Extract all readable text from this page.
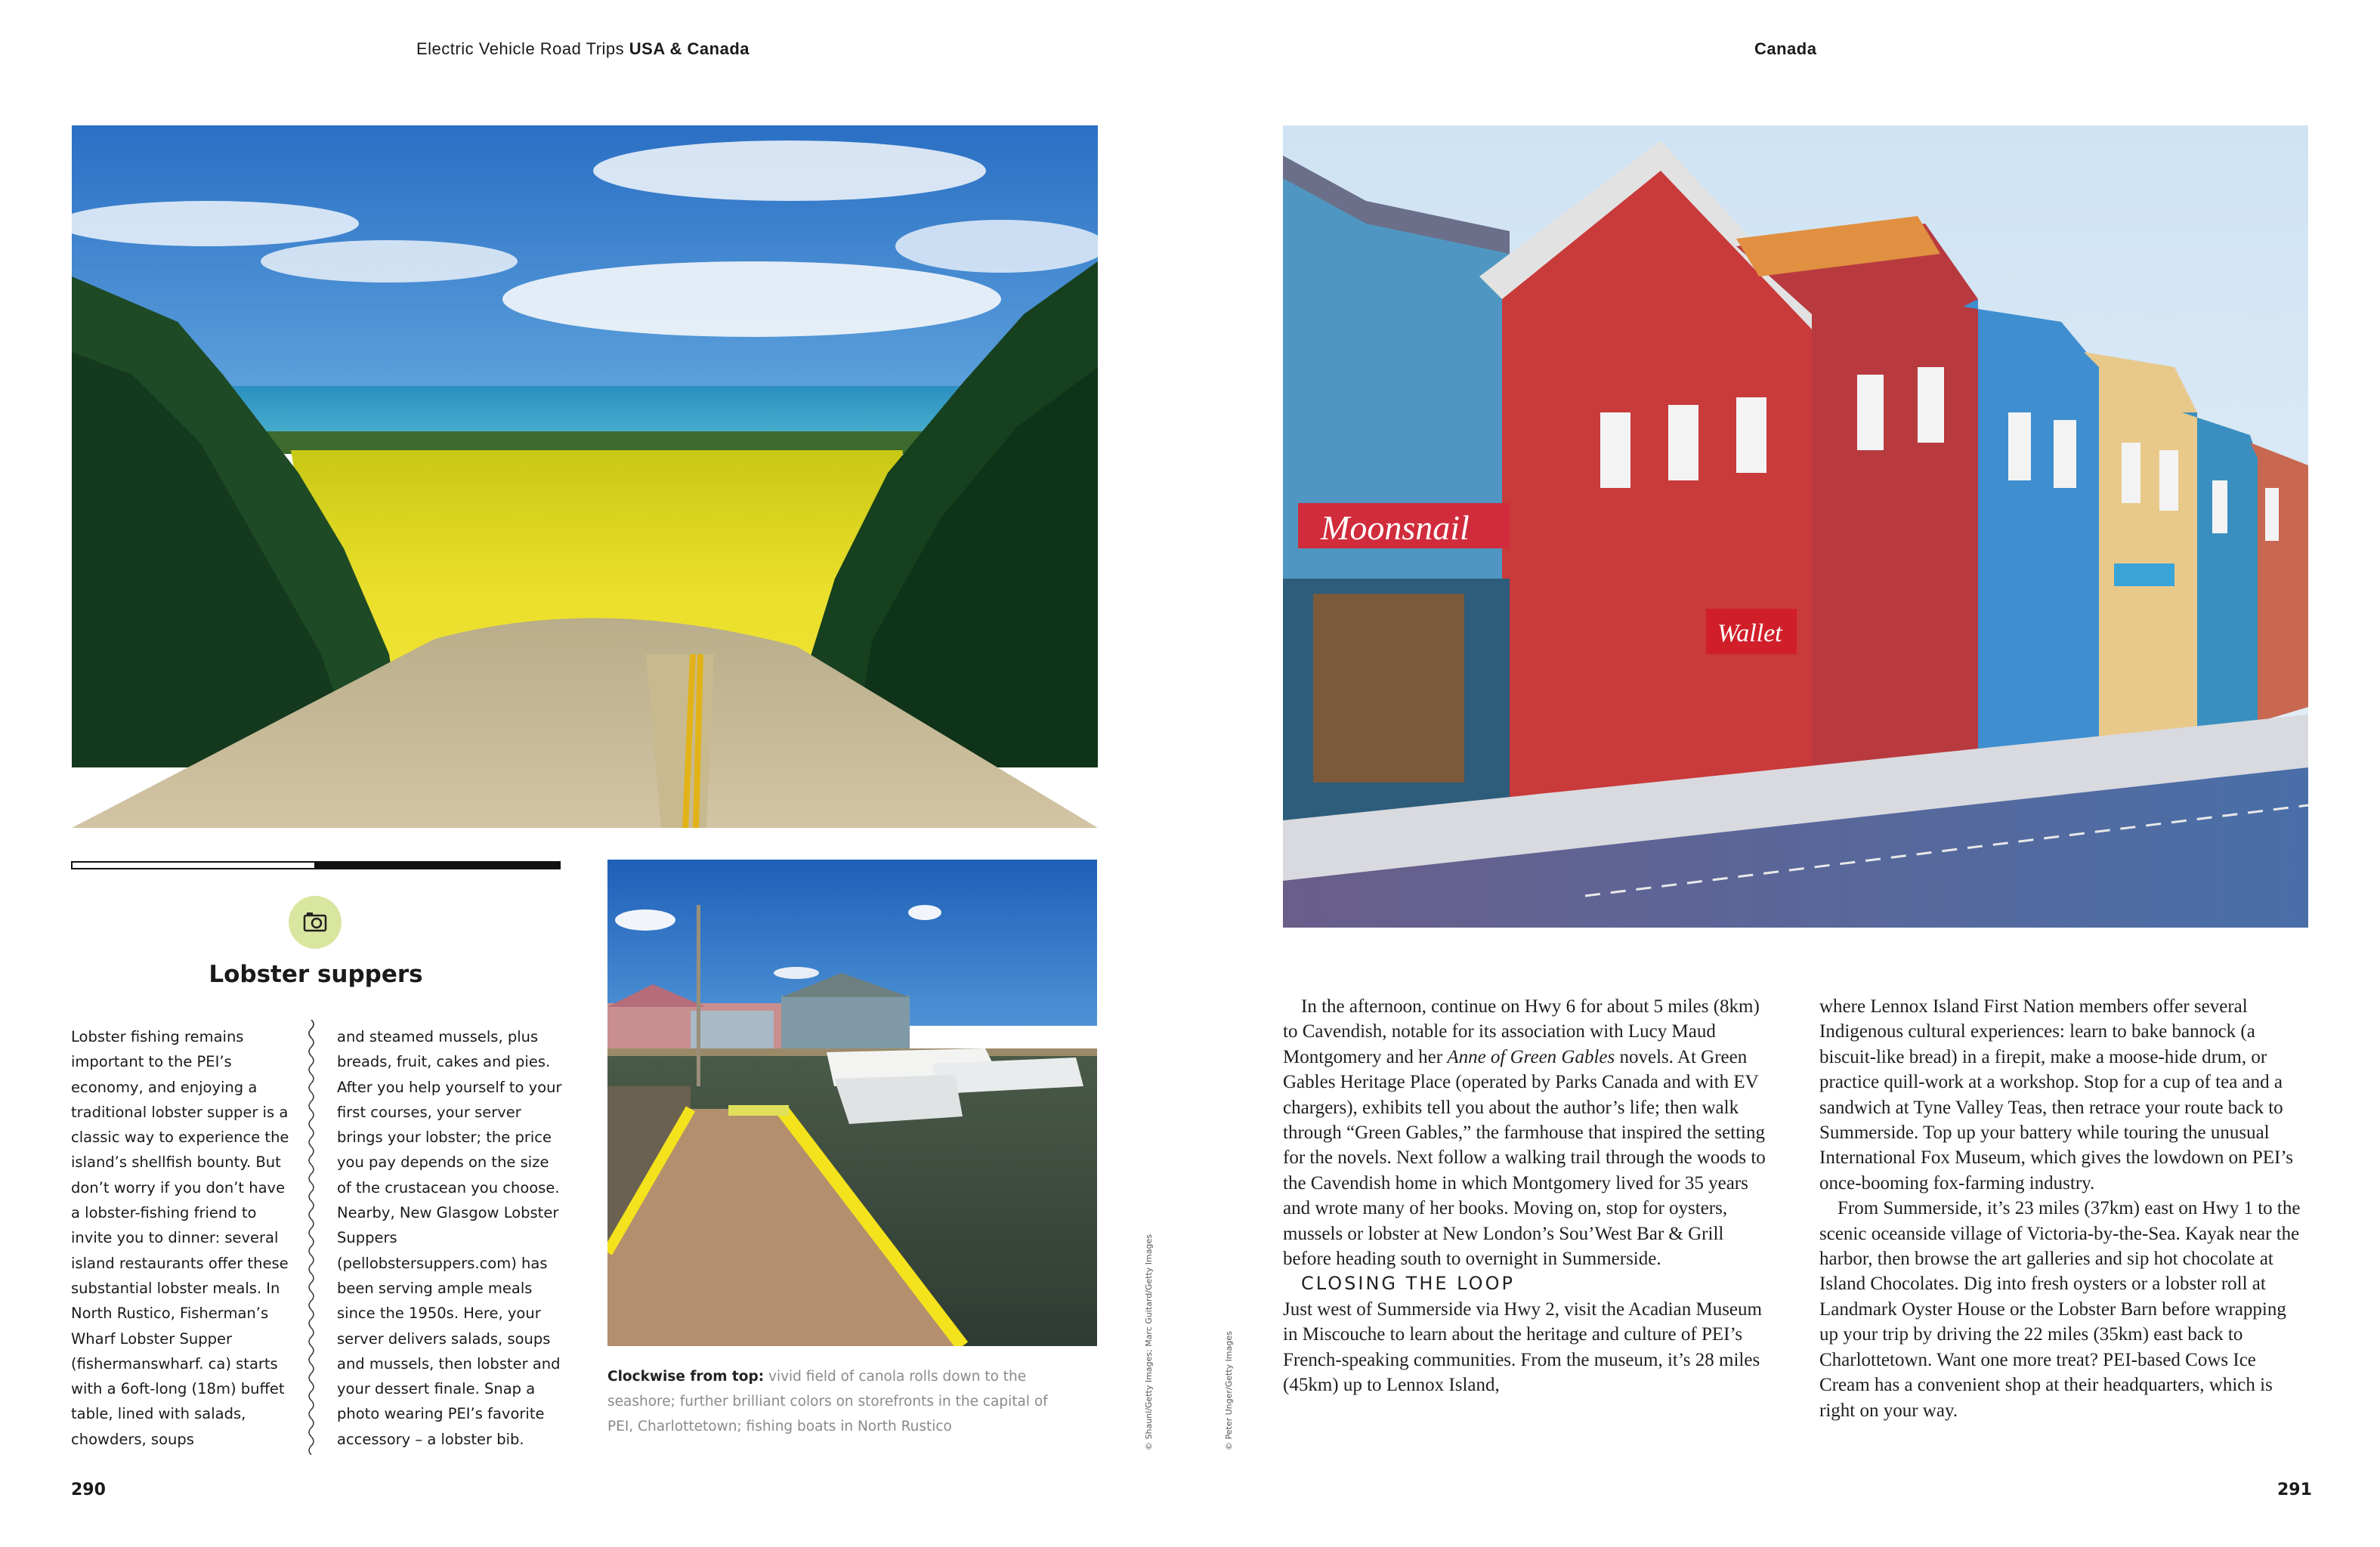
Electric Vehicle Road Trips USA & Canada	Canada
Lobster suppers

Lobster fishing remains important to the PEI’s economy, and enjoying a traditional lobster supper is a classic way to experience the island’s shellfish bounty. But don’t worry if you don’t have a lobster-fishing friend to invite you to dinner: several island restaurants offer these substantial lobster meals. In North Rustico, Fisherman’s Wharf Lobster Supper (fishermanswharf. ca) starts with a 6oft-long (18m) buffet table, lined with salads, chowders, soups

and steamed mussels, plus breads, fruit, cakes and pies. After you help yourself to your first courses, your server brings your lobster; the price you pay depends on the size of the crustacean you choose. Nearby, New Glasgow Lobster Suppers (pellobstersuppers.com) has been serving ample meals since the 1950s. Here, your server delivers salads, soups and mussels, then lobster and your dessert finale. Snap a photo wearing PEI’s favorite accessory – a lobster bib.

Clockwise from top: vivid field of canola rolls down to the seashore; further brilliant colors on storefronts in the capital of PEI, Charlottetown; fishing boats in North Rustico	© Shaunl/Getty Images; Marc Guitard/Getty Images	© Peter Unger/Getty Images
Moonsnail
Wallet

In the afternoon, continue on Hwy 6 for about 5 miles (8km) to Cavendish, notable for its association with Lucy Maud Montgomery and her Anne of Green Gables novels. At Green Gables Heritage Place (operated by Parks Canada and with EV chargers), exhibits tell you about the author’s life; then walk through “Green Gables,” the farmhouse that inspired the setting for the novels. Next follow a walking trail through the woods to the Cavendish home in which Montgomery lived for 35 years and wrote many of her books. Moving on, stop for oysters, mussels or lobster at New London’s Sou’West Bar & Grill before heading south to overnight in Summerside.

CLOSING THE LOOP

Just west of Summerside via Hwy 2, visit the Acadian Museum in Miscouche to learn about the heritage and culture of PEI’s French-speaking communities. From the museum, it’s 28 miles (45km) up to Lennox Island,

where Lennox Island First Nation members offer several Indigenous cultural experiences: learn to bake bannock (a biscuit-like bread) in a firepit, make a moose-hide drum, or practice quill-work at a workshop. Stop for a cup of tea and a sandwich at Tyne Valley Teas, then retrace your route back to Summerside. Top up your battery while touring the unusual International Fox Museum, which gives the lowdown on PEI’s once-booming fox-farming industry.

From Summerside, it’s 23 miles (37km) east on Hwy 1 to the scenic oceanside village of Victoria-by-the-Sea. Kayak near the harbor, then browse the art galleries and sip hot chocolate at Island Chocolates. Dig into fresh oysters or a lobster roll at Landmark Oyster House or the Lobster Barn before wrapping up your trip by driving the 22 miles (35km) east back to Charlottetown. Want one more treat? PEI-based Cows Ice Cream has a convenient shop at their headquarters, which is right on your way.

290	291
